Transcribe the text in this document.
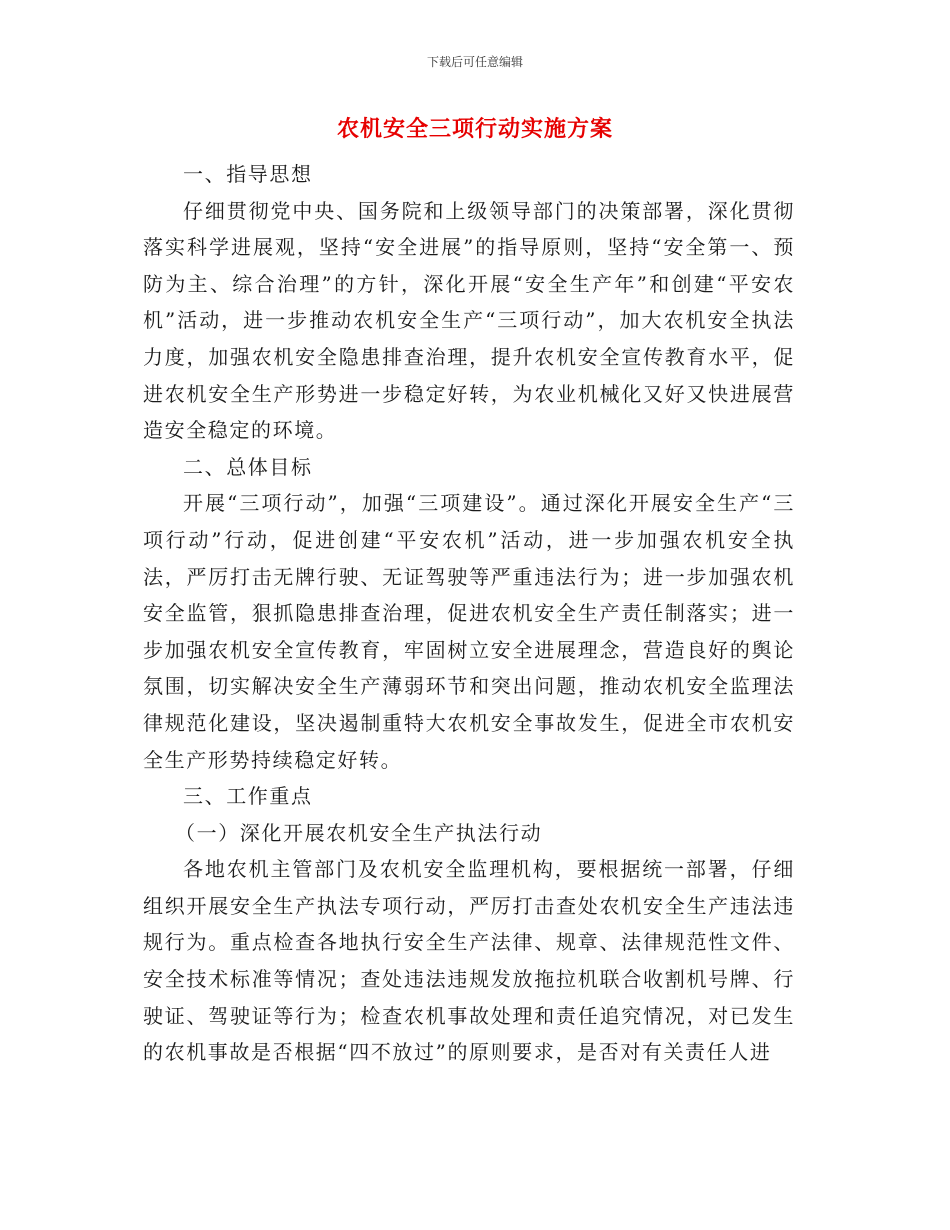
下载后可任意编辑
农机安全三项行动实施方案

一、指导思想

仔细贯彻党中央、国务院和上级领导部门的决策部署，深化贯彻落实科学进展观，坚持“安全进展”的指导原则，坚持“安全第一、预防为主、综合治理”的方针，深化开展“安全生产年”和创建“平安农机”活动，进一步推动农机安全生产“三项行动”，加大农机安全执法力度，加强农机安全隐患排查治理，提升农机安全宣传教育水平，促进农机安全生产形势进一步稳定好转，为农业机械化又好又快进展营造安全稳定的环境。

二、总体目标

开展“三项行动”，加强“三项建设”。通过深化开展安全生产“三项行动”行动，促进创建“平安农机”活动，进一步加强农机安全执法，严厉打击无牌行驶、无证驾驶等严重违法行为；进一步加强农机安全监管，狠抓隐患排查治理，促进农机安全生产责任制落实；进一步加强农机安全宣传教育，牢固树立安全进展理念，营造良好的舆论氛围，切实解决安全生产薄弱环节和突出问题，推动农机安全监理法律规范化建设，坚决遏制重特大农机安全事故发生，促进全市农机安全生产形势持续稳定好转。

三、工作重点

（一）深化开展农机安全生产执法行动

各地农机主管部门及农机安全监理机构，要根据统一部署，仔细组织开展安全生产执法专项行动，严厉打击查处农机安全生产违法违规行为。重点检查各地执行安全生产法律、规章、法律规范性文件、安全技术标准等情况；查处违法违规发放拖拉机联合收割机号牌、行驶证、驾驶证等行为；检查农机事故处理和责任追究情况，对已发生的农机事故是否根据“四不放过”的原则要求，是否对有关责任人进
